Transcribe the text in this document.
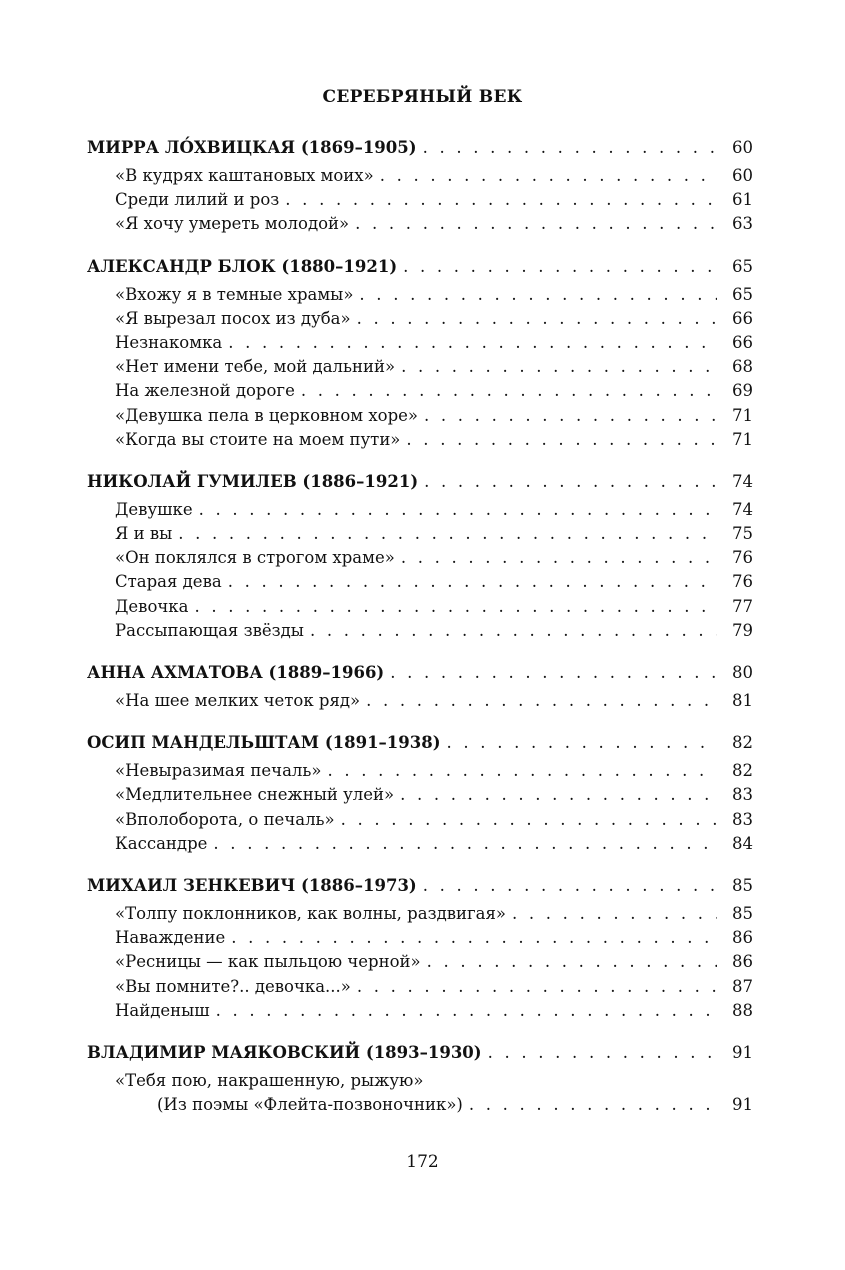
СЕРЕБРЯНЫЙ ВЕК
МИРРА ЛО́ХВИЦКАЯ (1869–1905) . . .	60
«В кудрях каштановых моих» . . .	60
Среди лилий и роз . . .	61
«Я хочу умереть молодой» . . .	63
АЛЕКСАНДР БЛОК (1880–1921) . . .	65
«Вхожу я в темные храмы» . . .	65
«Я вырезал посох из дуба» . . .	66
Незнакомка . . .	66
«Нет имени тебе, мой дальний» . . .	68
На железной дороге . . .	69
«Девушка пела в церковном хоре» . . .	71
«Когда вы стоите на моем пути» . . .	71
НИКОЛАЙ ГУМИЛЕВ (1886–1921) . . .	74
Девушке . . .	74
Я и вы . . .	75
«Он поклялся в строгом храме» . . .	76
Старая дева . . .	76
Девочка . . .	77
Рассыпающая звёзды . . .	79
АННА АХМАТОВА (1889–1966) . . .	80
«На шее мелких четок ряд» . . .	81
ОСИП МАНДЕЛЬШТАМ (1891–1938) . . .	82
«Невыразимая печаль» . . .	82
«Медлительнее снежный улей» . . .	83
«Вполоборота, о печаль» . . .	83
Кассандре . . .	84
МИХАИЛ ЗЕНКЕВИЧ (1886–1973) . . .	85
«Толпу поклонников, как волны, раздвигая» . . .	85
Наваждение . . .	86
«Ресницы — как пыльцою черной» . . .	86
«Вы помните?.. девочка...» . . .	87
Найденыш . . .	88
ВЛАДИМИР МАЯКОВСКИЙ (1893–1930) . . .	91
«Тебя пою, накрашенную, рыжую»
(Из поэмы «Флейта-позвоночник») . . .	91
172
